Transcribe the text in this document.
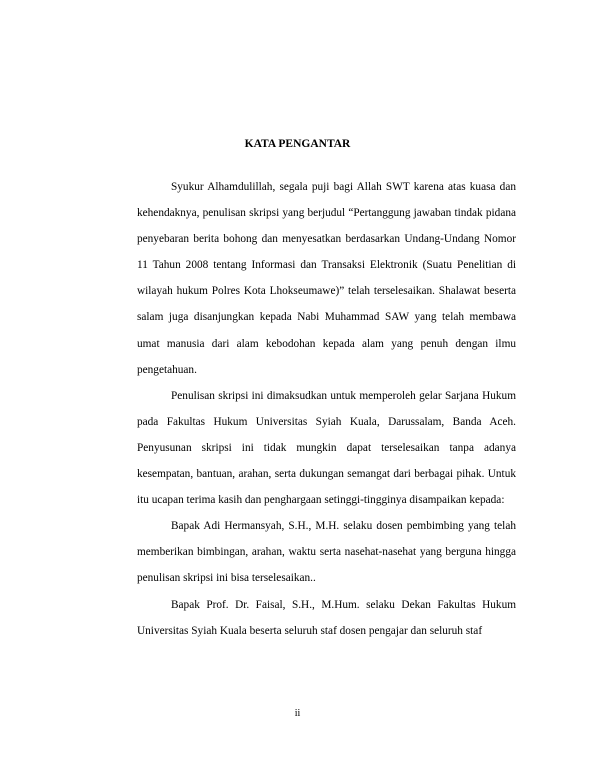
KATA PENGANTAR

Syukur Alhamdulillah, segala puji bagi Allah SWT karena atas kuasa dan kehendaknya, penulisan skripsi yang berjudul “Pertanggung jawaban tindak pidana penyebaran berita bohong dan menyesatkan berdasarkan Undang-Undang Nomor 11 Tahun 2008 tentang Informasi dan Transaksi Elektronik (Suatu Penelitian di wilayah hukum Polres Kota Lhokseumawe)” telah terselesaikan. Shalawat beserta salam juga disanjungkan kepada Nabi Muhammad SAW yang telah membawa umat manusia dari alam kebodohan kepada alam yang penuh dengan ilmu pengetahuan.

Penulisan skripsi ini dimaksudkan untuk memperoleh gelar Sarjana Hukum pada Fakultas Hukum Universitas Syiah Kuala, Darussalam, Banda Aceh. Penyusunan skripsi ini tidak mungkin dapat terselesaikan tanpa adanya kesempatan, bantuan, arahan, serta dukungan semangat dari berbagai pihak. Untuk itu ucapan terima kasih dan penghargaan setinggi-tingginya disampaikan kepada:

Bapak Adi Hermansyah, S.H., M.H. selaku dosen pembimbing yang telah memberikan bimbingan, arahan, waktu serta nasehat-nasehat yang berguna hingga penulisan skripsi ini bisa terselesaikan..

Bapak Prof. Dr. Faisal, S.H., M.Hum. selaku Dekan Fakultas Hukum Universitas Syiah Kuala beserta seluruh staf dosen pengajar dan seluruh staf

ii
